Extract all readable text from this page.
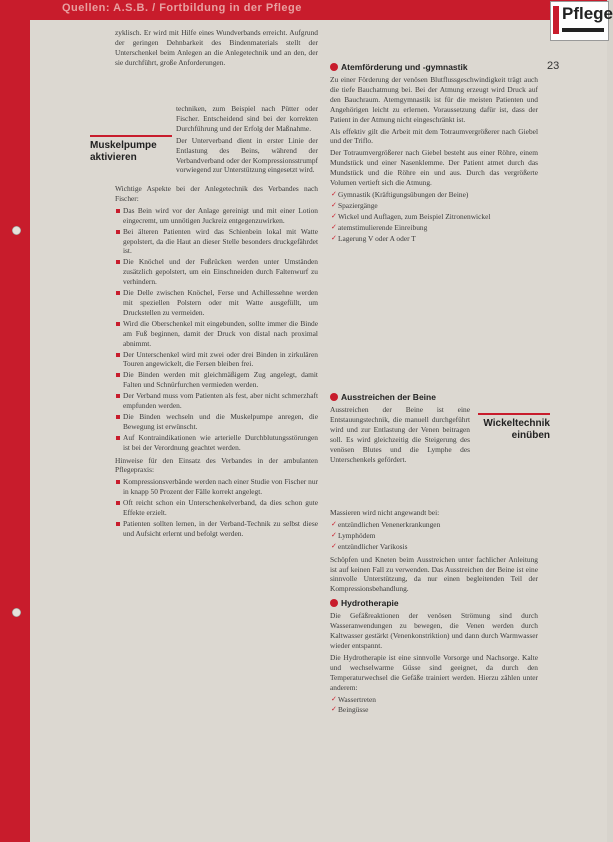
Quellen: A.S.B. / Fortbildung in der Pflege	Pflege
23

zyklisch. Er wird mit Hilfe eines Wundverbands erreicht. Aufgrund der geringen Dehnbarkeit des Bindenmaterials stellt der Unterschenkel beim Anlegen an die Anlegetechnik und an den, der sie durchführt, große Anforderungen.

Muskelpumpe aktivieren

techniken, zum Beispiel nach Pütter oder Fischer. Entscheidend sind bei der korrekten Durchführung und der Erfolg der Maßnahme.

Der Unterverband dient in erster Linie der Entlastung des Beins, während der Verbandverband oder der Kompressionsstrumpf vorwiegend zur Unterstützung eingesetzt wird.

Wichtige Aspekte bei der Anlegetechnik des Verbandes nach Fischer:

Das Bein wird vor der Anlage gereinigt und mit einer Lotion eingecremt, um unnötigen Juckreiz entgegenzuwirken.
Bei älteren Patienten wird das Schienbein lokal mit Watte gepolstert, da die Haut an dieser Stelle besonders druckgefährdet ist.
Die Knöchel und der Fußrücken werden unter Umständen zusätzlich gepolstert, um ein Einschneiden durch Faltenwurf zu verhindern.
Die Delle zwischen Knöchel, Ferse und Achillessehne werden mit speziellen Polstern oder mit Watte ausgefüllt, um Druckstellen zu vermeiden.
Wird die Oberschenkel mit eingebunden, sollte immer die Binde am Fuß beginnen, damit der Druck von distal nach proximal abnimmt.
Der Unterschenkel wird mit zwei oder drei Binden in zirkulären Touren angewickelt, die Fersen bleiben frei.
Die Binden werden mit gleichmäßigem Zug angelegt, damit Falten und Schnürfurchen vermieden werden.
Der Verband muss vom Patienten als fest, aber nicht schmerzhaft empfunden werden.
Die Binden wechseln und die Muskelpumpe anregen, die Bewegung ist erwünscht.
Auf Kontraindikationen wie arterielle Durchblutungsstörungen ist bei der Verordnung geachtet werden.

Hinweise für den Einsatz des Verbandes in der ambulanten Pflegepraxis:

Kompressionsverbände werden nach einer Studie von Fischer nur in knapp 50 Prozent der Fälle korrekt angelegt.
Oft reicht schon ein Unterschenkelverband, da dies schon gute Effekte erzielt.
Patienten sollten lernen, in der Verband-Technik zu selbst diese und Aufsicht erlernt und befolgt werden.
Atemförderung und -gymnastik

Zu einer Förderung der venösen Blutflussgeschwindigkeit trägt auch die tiefe Bauchatmung bei. Bei der Atmung erzeugt wird Druck auf den Bauchraum. Atemgymnastik ist für die meisten Patienten und Angehörigen leicht zu erlernen. Voraussetzung dafür ist, dass der Patient in der Atmung nicht eingeschränkt ist.

Als effektiv gilt die Arbeit mit dem Totraumvergrößerer nach Giebel und der Triflo.

Der Totraumvergrößerer nach Giebel besteht aus einer Röhre, einem Mundstück und einer Nasenklemme. Der Patient atmet durch das Mundstück und die Röhre ein und aus. Durch das vergrößerte Volumen vertieft sich die Atmung.

✓ Gymnastik (Kräftigungsübungen der Beine)
✓ Spaziergänge
✓ Wickel und Auflagen, zum Beispiel Zitronenwickel
✓ atemstimulierende Einreibung
✓ Lagerung V oder A oder T
Ausstreichen der Beine

Ausstreichen der Beine ist eine Entstauungstechnik, die manuell durchgeführt wird und zur Entlastung der Venen beitragen soll. Es wird gleichzeitig die Steigerung des venösen Blutes und die Lymphe des Unterschenkels gefördert.

Wickeltechnik einüben

Massieren wird nicht angewandt bei:

✓ entzündlichen Venenerkrankungen
✓ Lymphödem
✓ entzündlicher Varikosis

Schöpfen und Kneten beim Ausstreichen unter fachlicher Anleitung ist auf keinen Fall zu verwenden. Das Ausstreichen der Beine ist eine sinnvolle Unterstützung, da nur einen begleitenden Teil der Kompressionsbehandlung.

Hydrotherapie

Die Gefäßreaktionen der venösen Strömung sind durch Wasseranwendungen zu bewegen, die Venen werden durch Kaltwasser gestärkt (Venenkonstriktion) und dann durch Warmwasser wieder entspannt.

Die Hydrotherapie ist eine sinnvolle Vorsorge und Nachsorge. Kalte und wechselwarme Güsse sind geeignet, da durch den Temperaturwechsel die Gefäße trainiert werden. Hierzu zählen unter anderem:

✓ Wassertreten
✓ Beingüsse
